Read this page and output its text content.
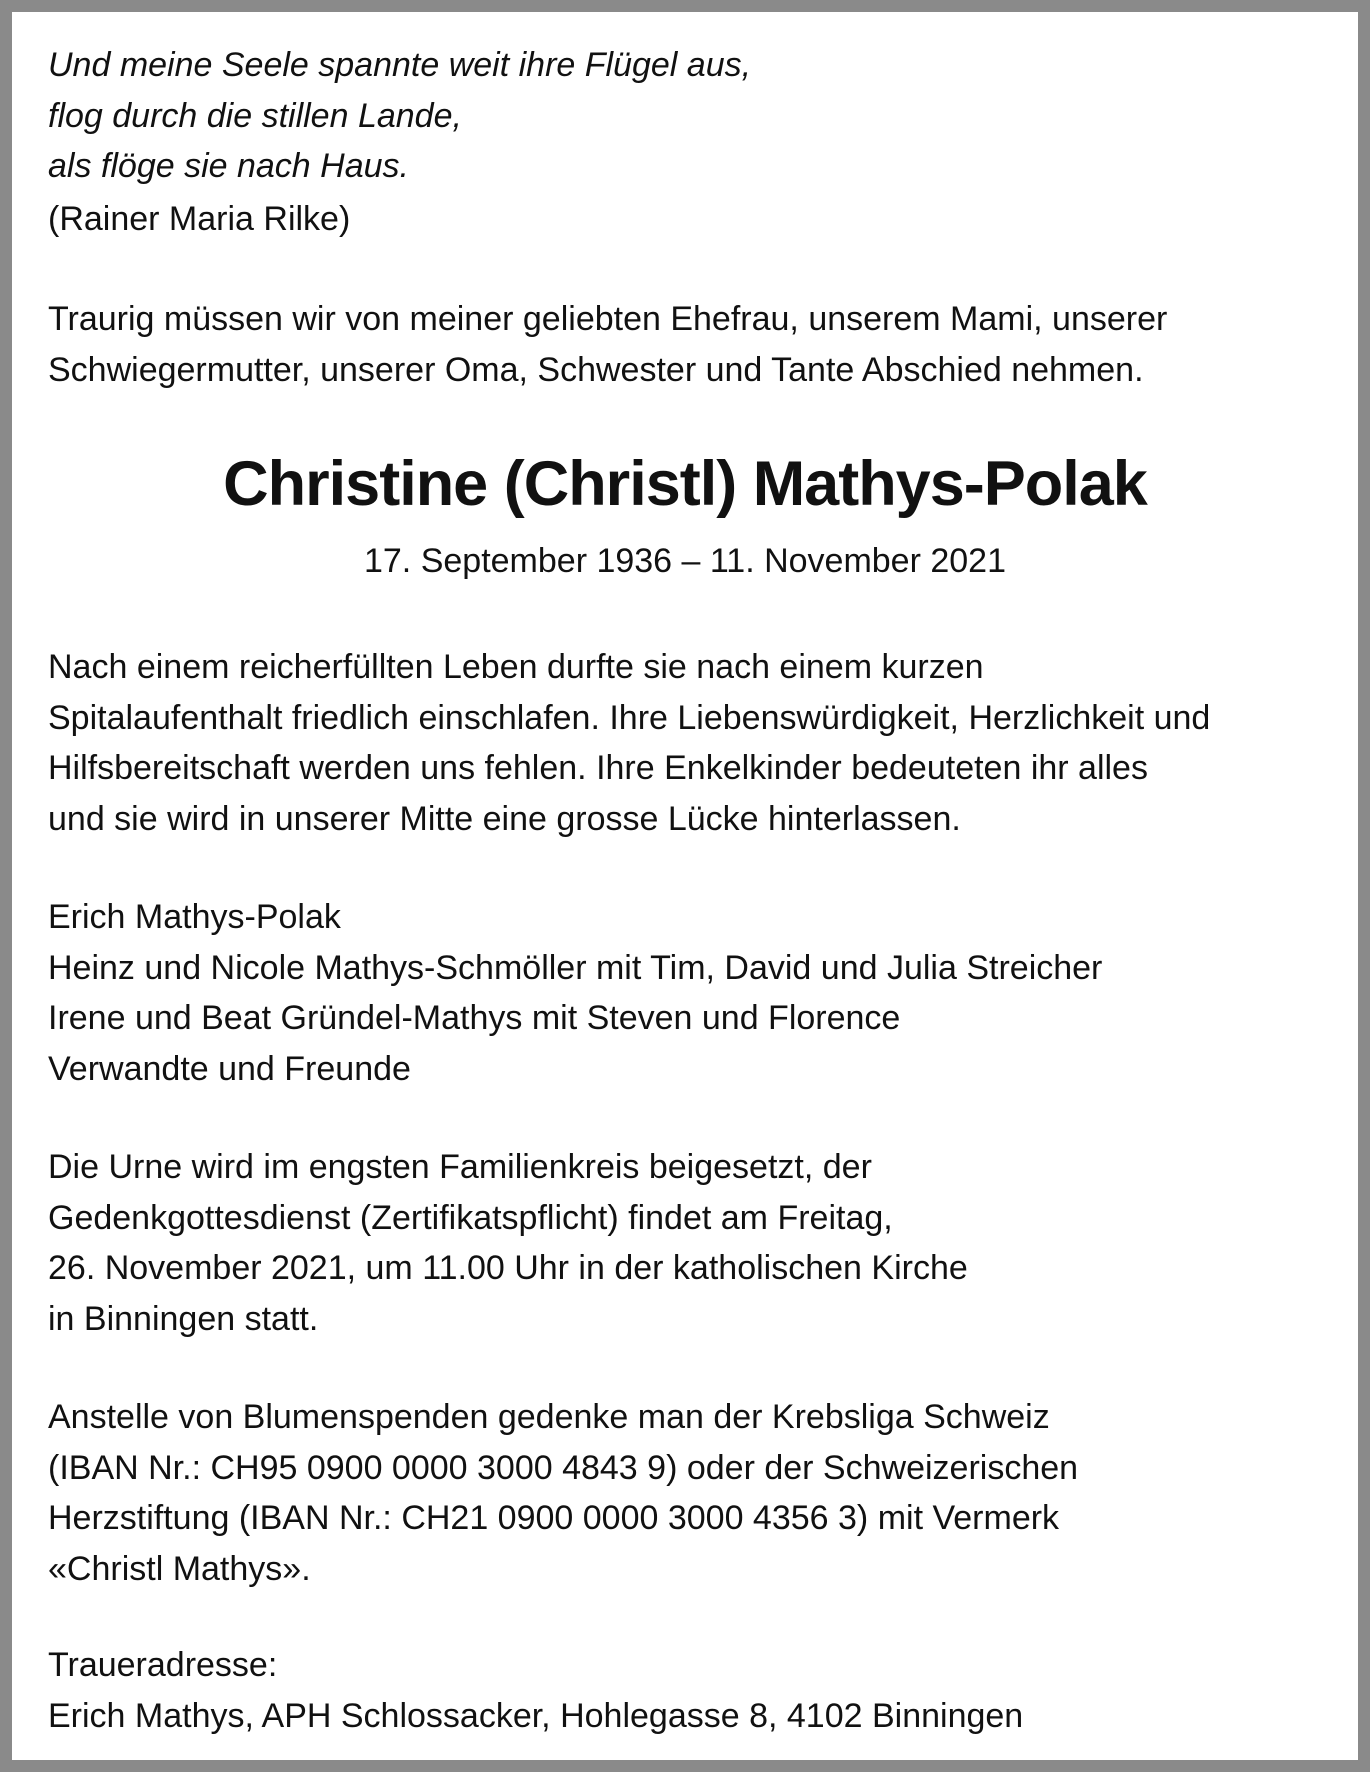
Und meine Seele spannte weit ihre Flügel aus,
flog durch die stillen Lande,
als flöge sie nach Haus.
(Rainer Maria Rilke)
Traurig müssen wir von meiner geliebten Ehefrau, unserem Mami, unserer
Schwiegermutter, unserer Oma, Schwester und Tante Abschied nehmen.
Christine (Christl) Mathys-Polak
17. September 1936 – 11. November 2021
Nach einem reicherfüllten Leben durfte sie nach einem kurzen
Spitalaufenthalt friedlich einschlafen. Ihre Liebenswürdigkeit, Herzlichkeit und
Hilfsbereitschaft werden uns fehlen. Ihre Enkelkinder bedeuteten ihr alles
und sie wird in unserer Mitte eine grosse Lücke hinterlassen.
Erich Mathys-Polak
Heinz und Nicole Mathys-Schmöller mit Tim, David und Julia Streicher
Irene und Beat Gründel-Mathys mit Steven und Florence
Verwandte und Freunde
Die Urne wird im engsten Familienkreis beigesetzt, der
Gedenkgottesdienst (Zertifikatspflicht) findet am Freitag,
26. November 2021, um 11.00 Uhr in der katholischen Kirche
in Binningen statt.
Anstelle von Blumenspenden gedenke man der Krebsliga Schweiz
(IBAN Nr.: CH95 0900 0000 3000 4843 9) oder der Schweizerischen
Herzstiftung (IBAN Nr.: CH21 0900 0000 3000 4356 3) mit Vermerk
«Christl Mathys».
Traueradresse:
Erich Mathys, APH Schlossacker, Hohlegasse 8, 4102 Binningen
